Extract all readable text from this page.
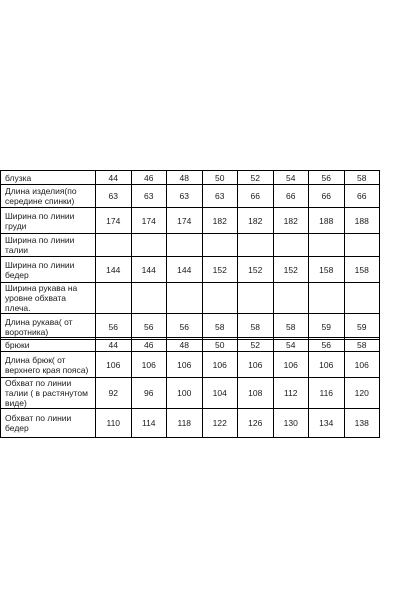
блузка	44	46	48	50	52	54	56	58
Длина изделия(по середине спинки)	63	63	63	63	66	66	66	66
Ширина по линии груди	174	174	174	182	182	182	188	188
Ширина по линии талии								
Ширина по линии бедер	144	144	144	152	152	152	158	158
Ширина рукава на уровне обхвата плеча.								
Длина рукава( от воротника)	56	56	56	58	58	58	59	59
брюки	44	46	48	50	52	54	56	58
Длина брюк( от верхнего края пояса)	106	106	106	106	106	106	106	106
Обхват по линии талии ( в растянутом виде)	92	96	100	104	108	112	116	120
Обхват по линии бедер	110	114	118	122	126	130	134	138
